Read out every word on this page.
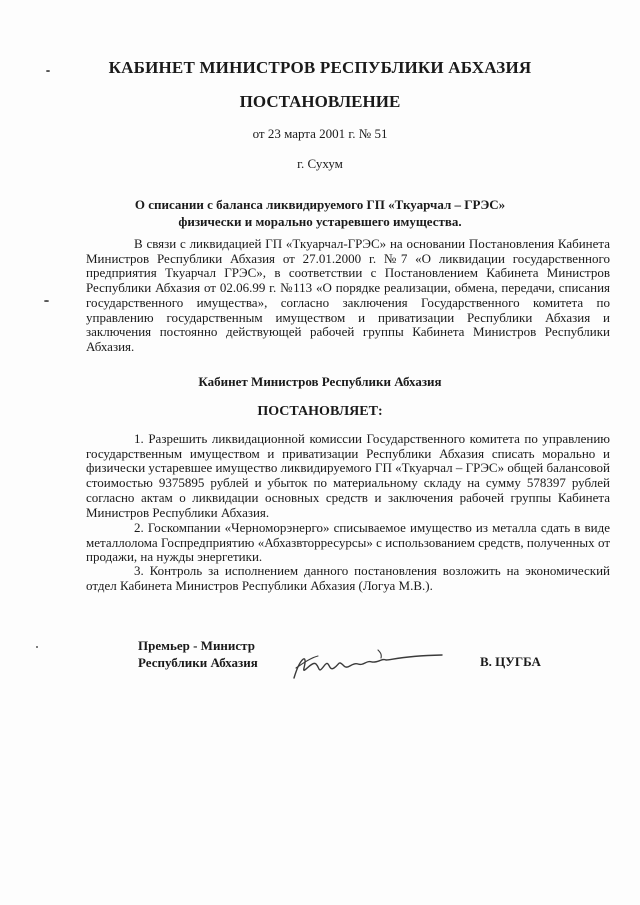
КАБИНЕТ МИНИСТРОВ РЕСПУБЛИКИ АБХАЗИЯ
ПОСТАНОВЛЕНИЕ
от 23 марта 2001 г. № 51
г. Сухум
О списании с баланса ликвидируемого ГП «Ткуарчал – ГРЭС»
физически и морально устаревшего имущества.
В связи с ликвидацией ГП «Ткуарчал-ГРЭС» на основании Постановления Кабинета Министров Республики Абхазия от 27.01.2000 г. №7 «О ликвидации государственного предприятия Ткуарчал ГРЭС», в соответствии с Постановлением Кабинета Министров Республики Абхазия от 02.06.99 г. №113 «О порядке реализации, обмена, передачи, списания государственного имущества», согласно заключения Государственного комитета по управлению государственным имуществом и приватизации Республики Абхазия и заключения постоянно действующей рабочей группы Кабинета Министров Республики Абхазия.
Кабинет Министров Республики Абхазия
ПОСТАНОВЛЯЕТ:
1. Разрешить ликвидационной комиссии Государственного комитета по управлению государственным имуществом и приватизации Республики Абхазия списать морально и физически устаревшее имущество ликвидируемого ГП «Ткуарчал – ГРЭС» общей балансовой стоимостью 9375895 рублей и убыток по материальному складу на сумму 578397 рублей согласно актам о ликвидации основных средств и заключения рабочей группы Кабинета Министров Республики Абхазия.
2. Госкомпании «Черноморэнерго» списываемое имущество из металла сдать в виде металлолома Госпредприятию «Абхазвторресурсы» с использованием средств, полученных от продажи, на нужды энергетики.
3. Контроль за исполнением данного постановления возложить на экономический отдел Кабинета Министров Республики Абхазия (Логуа М.В.).
Премьер - Министр
Республики Абхазия	В. ЦУГБА
